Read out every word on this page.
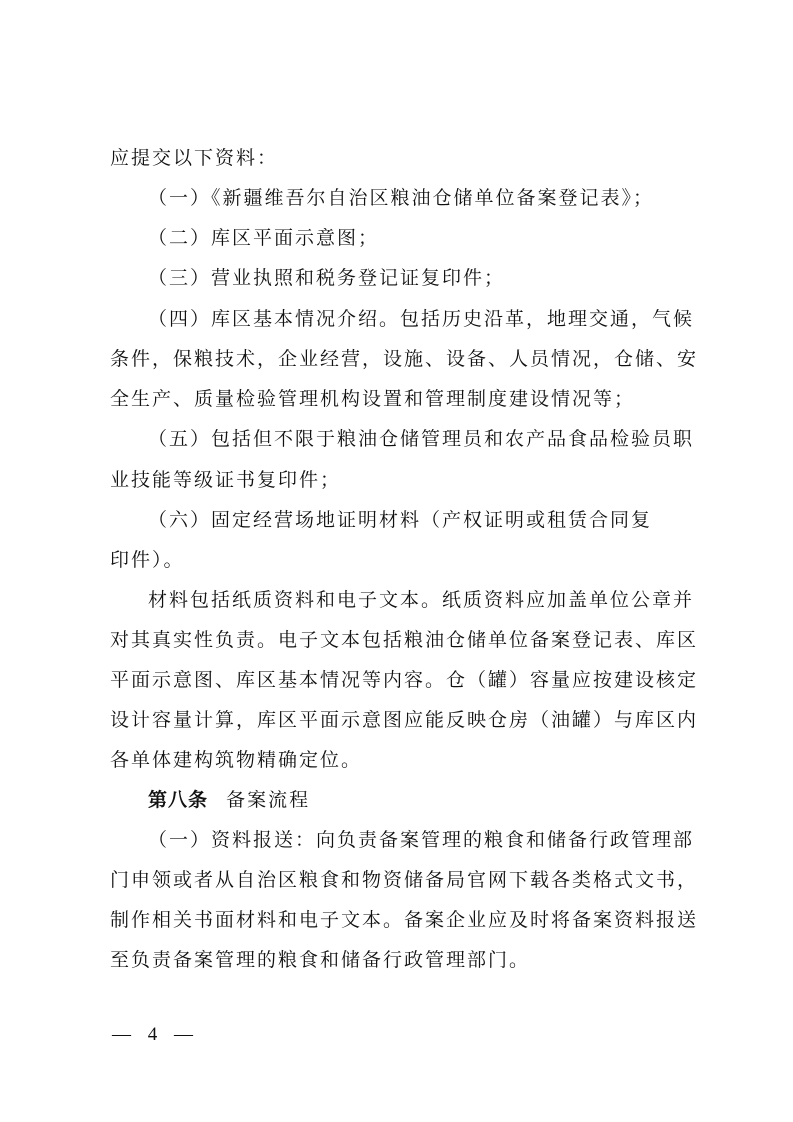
应提交以下资料：
（一）《新疆维吾尔自治区粮油仓储单位备案登记表》；
（二）库区平面示意图；
（三）营业执照和税务登记证复印件；
（四）库区基本情况介绍。包括历史沿革，地理交通，气候
条件，保粮技术，企业经营，设施、设备、人员情况，仓储、安
全生产、质量检验管理机构设置和管理制度建设情况等；
（五）包括但不限于粮油仓储管理员和农产品食品检验员职
业技能等级证书复印件；
（六）固定经营场地证明材料（产权证明或租赁合同复
印件）。
材料包括纸质资料和电子文本。纸质资料应加盖单位公章并
对其真实性负责。电子文本包括粮油仓储单位备案登记表、库区
平面示意图、库区基本情况等内容。仓（罐）容量应按建设核定
设计容量计算，库区平面示意图应能反映仓房（油罐）与库区内
各单体建构筑物精确定位。
第八条 备案流程
（一）资料报送：向负责备案管理的粮食和储备行政管理部
门申领或者从自治区粮食和物资储备局官网下载各类格式文书，
制作相关书面材料和电子文本。备案企业应及时将备案资料报送
至负责备案管理的粮食和储备行政管理部门。
— 4 —
